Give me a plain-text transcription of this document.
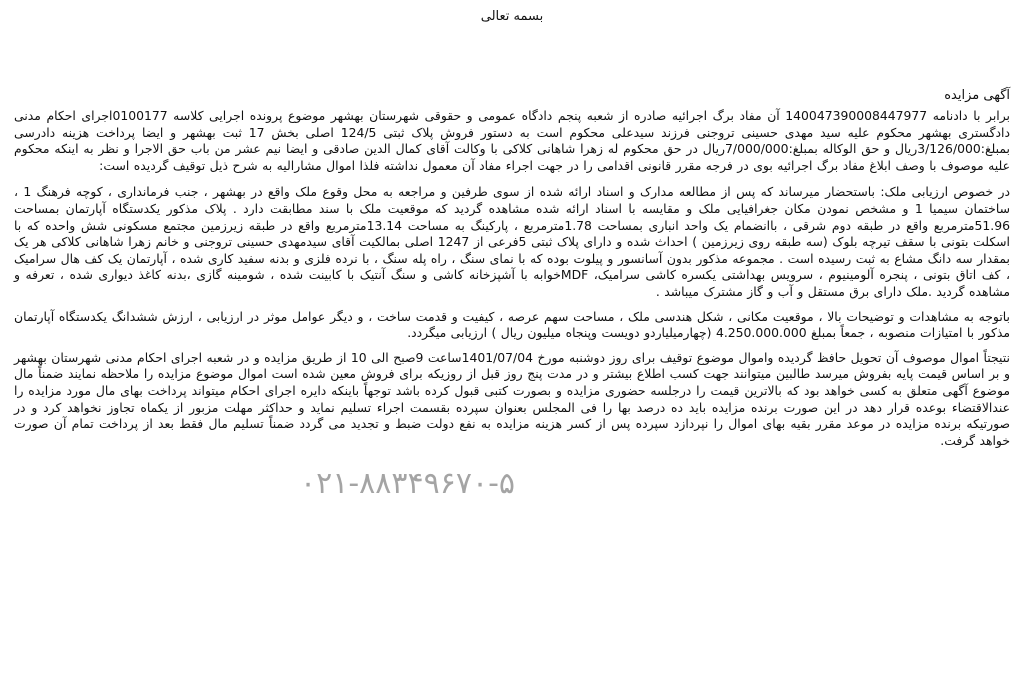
بسمه تعالی

آگهی مزایده

برابر با دادنامه 140047390008447977 آن مفاد برگ اجرائیه صادره از شعبه پنجم دادگاه عمومی و حقوقی شهرستان بهشهر موضوع پرونده اجرایی کلاسه 0100177اجرای احکام مدنی دادگستری بهشهر محکوم علیه سید مهدی حسینی تروجنی فرزند سیدعلی محکوم است به دستور فروش پلاک ثبتی 124/5 اصلی بخش 17 ثبت بهشهر و ایضا پرداخت هزینه دادرسی بمبلغ:3/126/000ریال و حق الوکاله بمبلغ:7/000/000ریال در حق محکوم له زهرا شاهانی کلاکی با وکالت آقای کمال الدین صادقی و ایضا نیم عشر من باب حق الاجرا و نظر به اینکه محکوم علیه موصوف با وصف ابلاغ مفاد برگ اجرائیه بوی در فرجه مقرر قانونی اقدامی را در جهت اجراء مفاد آن معمول نداشته فلذا اموال مشارالیه به شرح ذیل توقیف گردیده است:

در خصوص ارزیابی ملک: باستحضار میرساند که پس از مطالعه مدارک و اسناد ارائه شده از سوی طرفین و مراجعه به محل وقوع ملک واقع در بهشهر ، جنب فرمانداری ، کوچه فرهنگ 1 ، ساختمان سیمیا 1 و مشخص نمودن مکان جغرافیایی ملک و مقایسه با اسناد ارائه شده مشاهده گردید که موقعیت ملک با سند مطابقت دارد . پلاک مذکور یکدستگاه آپارتمان بمساحت 51.96مترمربع واقع در طبقه دوم شرقی ، باانضمام یک واحد انباری بمساحت 1.78مترمربع ، پارکینگ به مساحت 13.14مترمربع واقع در طبقه زیرزمین مجتمع مسکونی شش واحده که با اسکلت بتونی با سقف تیرچه بلوک (سه طبقه روی زیرزمین ) احداث شده و دارای پلاک ثبتی 5فرعی از 1247 اصلی بمالکیت آقای سیدمهدی حسینی تروجنی و خانم زهرا شاهانی کلاکی هر یک بمقدار سه دانگ مشاع به ثبت رسیده است . مجموعه مذکور بدون آسانسور و پیلوت بوده که با نمای سنگ ، راه پله سنگ ، با نرده فلزی و بدنه سفید کاری شده ، آپارتمان یک کف هال سرامیک ، کف اتاق بتونی ، پنجره آلومینیوم ، سرویس بهداشتی یکسره کاشی سرامیک، MDFخوابه با آشپزخانه کاشی و سنگ آنتیک با کابینت شده ، شومینه گازی ،بدنه کاغذ دیواری شده ، تعرفه و مشاهده گردید .ملک دارای برق مستقل و آب و گاز مشترک میباشد .

باتوجه به مشاهدات و توضیحات بالا ، موقعیت مکانی ، شکل هندسی ملک ، مساحت سهم عرصه ، کیفیت و قدمت ساخت ، و دیگر عوامل موثر در ارزیابی ، ارزش ششدانگ یکدستگاه آپارتمان مذکور با امتیازات منصوبه ، جمعاً بمبلغ 4.250.000.000 (چهارمیلیاردو دویست وپنجاه میلیون ریال ) ارزیابی میگردد.

نتیجتاً اموال موصوف آن تحویل حافظ گردیده واموال موضوع توقیف برای روز دوشنبه مورخ 1401/07/04ساعت 9صبح الی 10 از طریق مزایده و در شعبه اجرای احکام مدنی شهرستان بهشهر و بر اساس قیمت پایه بفروش میرسد طالبین میتوانند جهت کسب اطلاع بیشتر و در مدت پنج روز قبل از روزیکه برای فروش معین شده است اموال موضوع مزایده را ملاحظه نمایند ضمناً مال موضوع آگهی متعلق به کسی خواهد بود که بالاترین قیمت را درجلسه حضوری مزایده و بصورت کتبی قبول کرده باشد توجهاً باینکه دایره اجرای احکام میتواند پرداخت بهای مال مورد مزایده را عندالاقتضاء بوعده قرار دهد در این صورت برنده مزایده باید ده درصد بها را فی المجلس بعنوان سپرده بقسمت اجراء تسلیم نماید و حداکثر مهلت مزبور از یکماه تجاوز نخواهد کرد و در صورتیکه برنده مزایده در موعد مقرر بقیه بهای اموال را نپردازد سپرده پس از کسر هزینه مزایده به نفع دولت ضبط و تجدید می گردد ضمناً تسلیم مال فقط بعد از پرداخت تمام آن صورت خواهد گرفت.

۰۲۱-۸۸۳۴۹۶۷۰-۵
